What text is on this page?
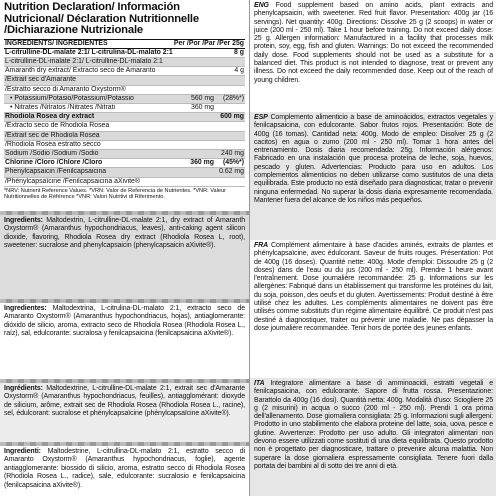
Nutrition Declaration/ Información
Nutricional/ Déclaration Nutritionnelle
/Dichiarazione Nutrizionale
INGREDIENTS/ INGREDIENTES	Per /Por /Par /Per 25g
L-citrulline-DL-malate 2:1/ L-citrulina-DL-malato 2:1	8 g
L-citrulline-DL-malate 2:1/ L-citrulline-DL-malato 2:1
Amaranth dry extract/ Extracto seco de Amaranto	4 g
/Extrait sec d'Amarante
/Estratto secco di Amaranto Oxystorm®
• Potassium/Potasio/Potassium/Potassio	560 mg	(28%*)
• Nitrates /Nitratos /Nitrates /Nitrati	360 mg
Rhodiola Rosea dry extract	600 mg
/Extracto seco de Rhodiola Rosea
/Extrait sec de Rhodiola Rosea
/Rhodiola Rosea estratto secco
Sodium /Sodio /Sodium /Sodio	240 mg
Chlorine /Cloro /Chlore /Cloro	360 mg	(45%*)
Phenylcapsaicin /Fenilcapsaicina	0.62 mg
/Phénylcapsaïcine /Fenilcapsaicina aXivite®
*NRV: Nutrient Reference Values. *VRN: Valor de Referencia de Nutrientes. *VNR: Valeur Nutritionnelles de Référence *VNR: Valori Nutritivi di Riferimento.

Ingredients: Maltodextrin, L-citrulline-DL-malate 2:1, dry extract of Amaranth Oxystorm® (Amaranthus hypochondriacus, leaves), anti-caking agent silicon dioxide, flavoring, Rhodiola Rosea dry extract (Rhodiola Rosea L, root), sweetener: sucralose and phenylcapsaicin (phenylcapsaicin aXivite®).

Ingredientes: Maltodextrina, L-citrulina-DL-malato 2:1, extracto seco de Amaranto Oxystorm® (Amaranthus hypochondriacus, hojas), antiaglomerante: dióxido de silicio, aroma, extracto seco de Rhodiola Rosea (Rhodiola Rosea L., raíz), sal, edulcorante: sucralosa y fenilcapsaicina (fenilcapsaicina aXivite®).

Ingrédients: Maltodextrine, L-citrulline-DL-malate 2:1, extrait sec d'Amarante Oxystorm® (Amaranthus hypochondriacus, feuilles), antiagglomérant: dioxyde de silicium, arôme, extrait sec de Rhodiola Rosea (Rhodiola Rosea L., racine), sel, édulcorant: sucralose et phénylcapsaïcine (phénylcapsaïcine aXivite®).

Ingredienti: Maltodestrine, L-citrullina-DL-malato 2:1, estratto secco di Amaranto Oxystorm® (Amaranthus hypochondriacus, foglie), agente antiagglomerante: biossido di silicio, aroma, estratto secco di Rhodiola Rosea (Rhodiola Rosea L., radice), sale, edulcorante: sucralosio e fenilcapsaicina (fenilcapsaicina aXivite®).

ENG Food supplement based on amino acids, plant extracts and phenylcapsaicin, with sweetener. Red fruit flavor. Presentation: 400g jar (16 servings). Net quantity: 400g. Directions: Dissolve 25 g (2 scoops) in water or juice (200 ml - 250 ml). Take 1 hour before training. Do not exceed daily dose: 25 g. Allergen information: Manufactured in a facility that processes milk protein, soy, egg, fish and gluten. Warnings: Do not exceed the recommended daily dose. Food supplements should not be used as a substitute for a balanced diet. This product is not intended to diagnose, treat or prevent any illness. Do not exceed the daily recommended dose. Keep out of the reach of young children.
ESP Complemento alimenticio a base de aminoácidos, extractos vegetales y fenilcapsaicina, con edulcorante. Sabor frutos rojos. Presentación: Bote de 400g (16 tomas). Cantidad neta: 400g. Modo de empleo: Disolver 25 g (2 cacitos) en agua o zumo (200 ml - 250 ml). Tomar 1 hora antes del entrenamiento. Dosis diaria recomendada: 25g. Información alérgenos: Fabricado en una instalación que procesa proteína de leche, soja, huevos, pescado y gluten. Advertencias: Producto para uso en adultos. Los complementos alimenticios no deben utilizarse como sustitutos de una dieta equilibrada. Este producto no está diseñado para diagnosticar, tratar o prevenir ninguna enfermedad. No superar la dosis diaria expresamente recomendada. Mantener fuera del alcance de los niños más pequeños.
FRA Complément alimentaire à base d'acides aminés, extraits de plantes et phénylcapsaïcine, avec édulcorant. Saveur de fruits rouges. Présentation: Pot de 400g (16 doses). Quantité nette: 400g. Mode d'emploi: Dissoudre 25 g (2 doses) dans de l'eau ou du jus (200 ml - 250 ml). Prendre 1 heure avant l'entraînement. Dose journalière recommandée: 25 g. Informations sur les allergènes: Fabriqué dans un établissement qui transforme les protéines du lait, du soja, poisson, des oeufs et du gluten. Avertissements: Produit destiné à être utilisé chez les adultes. Les compléments alimentaires ne doivent pas être utilisés comme substituts d'un régime alimentaire équilibré. Ce produit n'est pas destiné à diagnostiquer, traiter ou prévenir une maladie. Ne pas dépasser la dose journalière recommandée. Tenir hors de portée des jeunes enfants.
ITA Integratore alimentare a base di amminoacidi, estratti vegetali e fenilcapsaicina, con edulcorante. Sapore di frutta rossa. Presentazione: Barattolo da 400g (16 dosi). Quantità netta: 400g. Modalità d'uso: Sciogliere 25 g (2 misurini) in acqua o succo (200 ml - 250 ml). Prendi 1 ora prima dell'allenamento. Dose giornaliera consigliata: 25 g. Informazioni sugli allergeni: Prodotto in uno stabilimento che elabora proteine del latte, soia, uova, pesce e glutine. Avvertenze: Prodotto per uso adulto. Gli integratori alimentari non devono essere utilizzati come sostituti di una dieta equilibrata. Questo prodotto non è progettato per diagnosticare, trattare o prevenire alcuna malattia. Non superare la dose giornaliera espressamente consigliata. Tenere fuori dalla portata dei bambini al di sotto dei tre anni di età.
